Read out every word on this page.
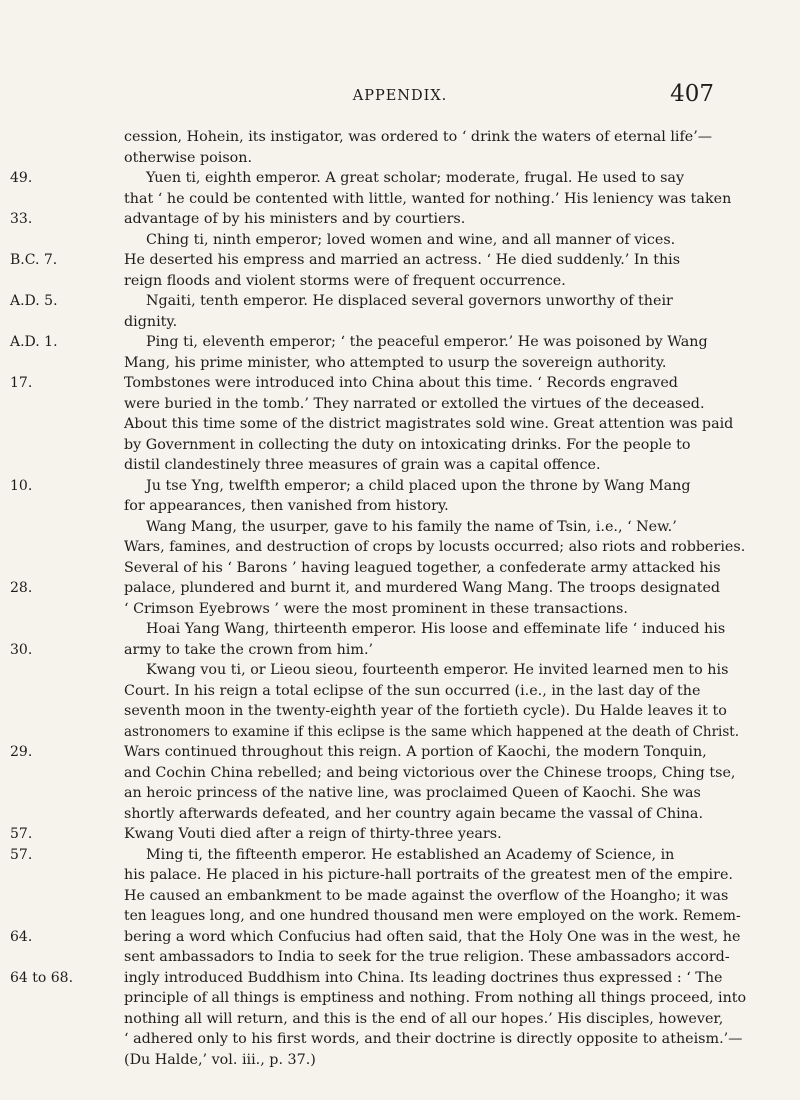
APPENDIX.	407
cession, Hohein, its instigator, was ordered to ‘ drink the waters of eternal life’—
otherwise poison.
49.	Yuen ti, eighth emperor. A great scholar; moderate, frugal. He used to say
that ‘ he could be contented with little, wanted for nothing.’ His leniency was taken
33.	advantage of by his ministers and by courtiers.
Ching ti, ninth emperor; loved women and wine, and all manner of vices.
B.C. 7.	He deserted his empress and married an actress. ‘ He died suddenly.’ In this
reign floods and violent storms were of frequent occurrence.
A.D. 5.	Ngaiti, tenth emperor. He displaced several governors unworthy of their
dignity.
A.D. 1.	Ping ti, eleventh emperor; ‘ the peaceful emperor.’ He was poisoned by Wang
Mang, his prime minister, who attempted to usurp the sovereign authority.
17.	Tombstones were introduced into China about this time. ‘ Records engraved
were buried in the tomb.’ They narrated or extolled the virtues of the deceased.
About this time some of the district magistrates sold wine. Great attention was paid
by Government in collecting the duty on intoxicating drinks. For the people to
distil clandestinely three measures of grain was a capital offence.
10.	Ju tse Yng, twelfth emperor; a child placed upon the throne by Wang Mang
for appearances, then vanished from history.
Wang Mang, the usurper, gave to his family the name of Tsin, i.e., ‘ New.’
Wars, famines, and destruction of crops by locusts occurred; also riots and robberies.
Several of his ‘ Barons ’ having leagued together, a confederate army attacked his
28.	palace, plundered and burnt it, and murdered Wang Mang. The troops designated
‘ Crimson Eyebrows ’ were the most prominent in these transactions.
Hoai Yang Wang, thirteenth emperor. His loose and effeminate life ‘ induced his
30.	army to take the crown from him.’
Kwang vou ti, or Lieou sieou, fourteenth emperor. He invited learned men to his
Court. In his reign a total eclipse of the sun occurred (i.e., in the last day of the
seventh moon in the twenty-eighth year of the fortieth cycle). Du Halde leaves it to
astronomers to examine if this eclipse is the same which happened at the death of Christ.
29.	Wars continued throughout this reign. A portion of Kaochi, the modern Tonquin,
and Cochin China rebelled; and being victorious over the Chinese troops, Ching tse,
an heroic princess of the native line, was proclaimed Queen of Kaochi. She was
shortly afterwards defeated, and her country again became the vassal of China.
57.	Kwang Vouti died after a reign of thirty-three years.
57.	Ming ti, the fifteenth emperor. He established an Academy of Science, in
his palace. He placed in his picture-hall portraits of the greatest men of the empire.
He caused an embankment to be made against the overflow of the Hoangho; it was
ten leagues long, and one hundred thousand men were employed on the work. Remem-
64.	bering a word which Confucius had often said, that the Holy One was in the west, he
sent ambassadors to India to seek for the true religion. These ambassadors accord-
64 to 68.	ingly introduced Buddhism into China. Its leading doctrines thus expressed : ‘ The
principle of all things is emptiness and nothing. From nothing all things proceed, into
nothing all will return, and this is the end of all our hopes.’ His disciples, however,
‘ adhered only to his first words, and their doctrine is directly opposite to atheism.’—
(Du Halde,’ vol. iii., p. 37.)
